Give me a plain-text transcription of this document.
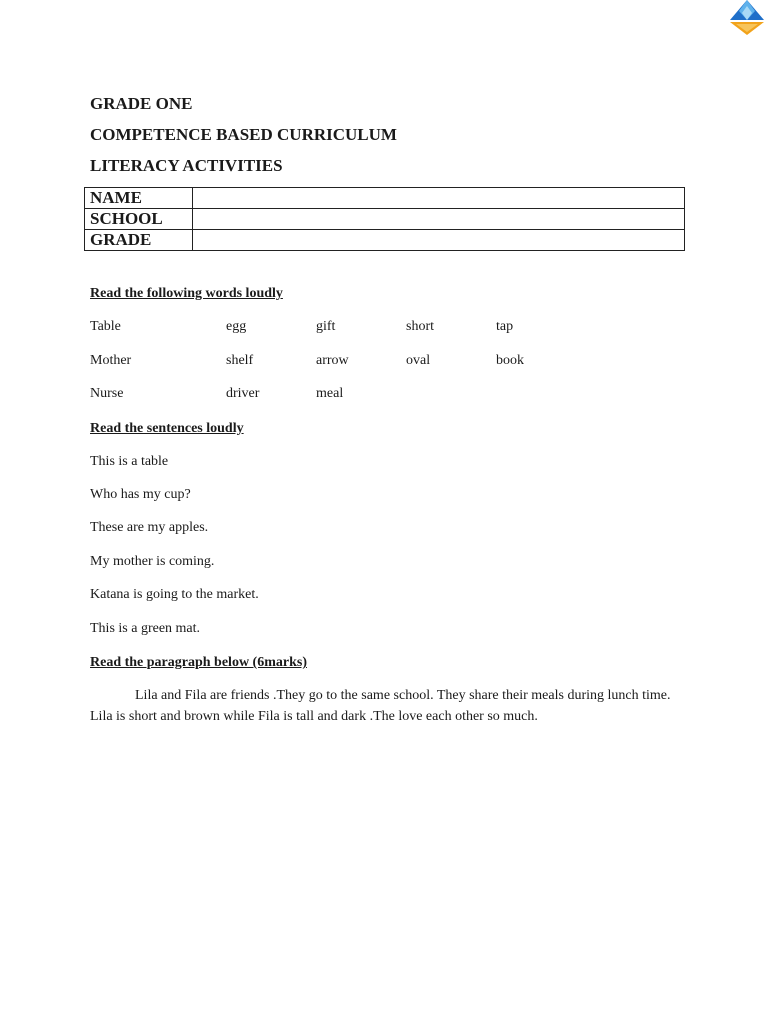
GRADE ONE
COMPETENCE BASED CURRICULUM
LITERACY ACTIVITIES
NAME	
SCHOOL	
GRADE	
Read the following words loudly
Table	egg	gift	short	tap
Mother	shelf	arrow	oval	book
Nurse	driver	meal
Read the sentences loudly

This is a table

Who has my cup?

These are my apples.

My mother is coming.

Katana is going to the market.

This is a green mat.

Read the paragraph below (6marks)

Lila and Fila are friends .They go to the same school. They share their meals during lunch time. Lila is short and brown while Fila is tall and dark .The love each other so much.
